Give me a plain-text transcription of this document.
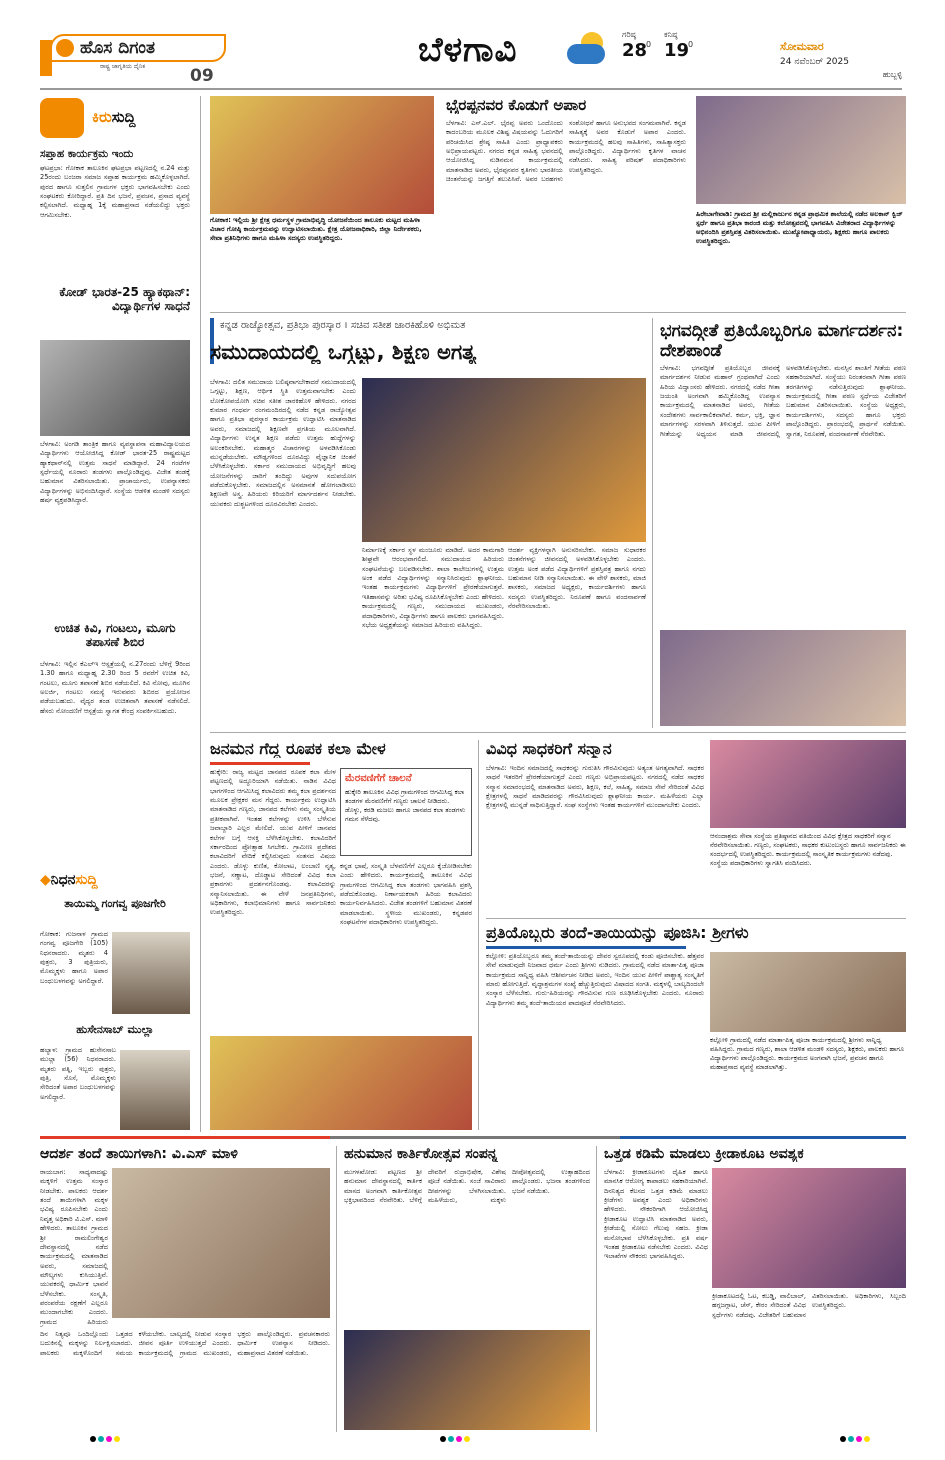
ಹೊಸ ದಿಗಂತ
ರಾಷ್ಟ್ರ ಜಾಗೃತಿಯ ದೈನಿಕ	09
ಬೆಳಗಾವಿ	ಗರಿಷ್ಠ
28
0
ಕನಿಷ್ಠ
19
0	ಸೋಮವಾರ
24 ನವೆಂಬರ್ 2025
ಹುಬ್ಬಳ್ಳಿ
ಕಿರುಸುದ್ದಿ
ಸಪ್ತಾಹ ಕಾರ್ಯಕ್ರಮ ಇಂದು
ಘಟಪ್ರಭಾ: ಗೋಕಾಕ ತಾಲೂಕಿನ ಘಟಪ್ರಭಾ ಪಟ್ಟಣದಲ್ಲಿ ನ.24 ಮತ್ತು 25ರಂದು ಬಂಜರಾ ಸಮಾಜ ಸಪ್ತಾಹ ಕಾರ್ಯಕ್ರಮ ಹಮ್ಮಿಕೊಳ್ಳಲಾಗಿದೆ. ಪುರದ ಹಾಗೂ ಸುತ್ತಲಿನ ಗ್ರಾಮಗಳ ಭಕ್ತರು ಭಾಗವಹಿಸಬೇಕು ಎಂದು ಸಂಘಟಕರು ಕೋರಿದ್ದಾರೆ. ಪ್ರತಿ ದಿನ ಭಜನೆ, ಪ್ರವಚನ, ಪ್ರಸಾದ ವ್ಯವಸ್ಥೆ ಕಲ್ಪಿಸಲಾಗಿದೆ. ಮಧ್ಯಾಹ್ನ 1ಕ್ಕೆ ಮಹಾಪ್ರಸಾದ ನಡೆಯಲಿದ್ದು ಭಕ್ತರು ಆಗಮಿಸಬೇಕು.
ಕೋಡ್ ಭಾರತ-25 ಹ್ಯಾಕಥಾನ್: ವಿದ್ಯಾರ್ಥಿಗಳ ಸಾಧನೆ
ಬೆಳಗಾವಿ: ಅಂಗಡಿ ತಾಂತ್ರಿಕ ಹಾಗೂ ವ್ಯವಸ್ಥಾಪನಾ ಮಹಾವಿದ್ಯಾಲಯದ ವಿದ್ಯಾರ್ಥಿಗಳು ಆಯೋಜಿಸಿದ್ದ ಕೋಡ್ ಭಾರತ-25 ರಾಷ್ಟ್ರಮಟ್ಟದ ಹ್ಯಾಕಥಾನ್‌ನಲ್ಲಿ ಉತ್ತಮ ಸಾಧನೆ ಮಾಡಿದ್ದಾರೆ. 24 ಗಂಟೆಗಳ ಸ್ಪರ್ಧೆಯಲ್ಲಿ ನೂರಾರು ತಂಡಗಳು ಪಾಲ್ಗೊಂಡಿದ್ದವು. ವಿಜೇತ ತಂಡಕ್ಕೆ ಬಹುಮಾನ ವಿತರಿಸಲಾಯಿತು. ಪ್ರಾಚಾರ್ಯರು, ಉಪನ್ಯಾಸಕರು ವಿದ್ಯಾರ್ಥಿಗಳನ್ನು ಅಭಿನಂದಿಸಿದ್ದಾರೆ. ಸಂಸ್ಥೆಯ ಆಡಳಿತ ಮಂಡಳಿ ಸದಸ್ಯರು ಹರ್ಷ ವ್ಯಕ್ತಪಡಿಸಿದ್ದಾರೆ.
ಉಚಿತ ಕಿವಿ, ಗಂಟಲು, ಮೂಗು ತಪಾಸಣೆ ಶಿಬಿರ
ಬೆಳಗಾವಿ: ಇಲ್ಲಿನ ಕೆಎಲ್‌ಇ ಆಸ್ಪತ್ರೆಯಲ್ಲಿ ನ.27ರಂದು ಬೆಳಿಗ್ಗೆ 9ರಿಂದ 1.30 ಹಾಗೂ ಮಧ್ಯಾಹ್ನ 2.30 ರಿಂದ 5 ರವರೆಗೆ ಉಚಿತ ಕಿವಿ, ಗಂಟಲು, ಮೂಗು ತಪಾಸಣೆ ಶಿಬಿರ ನಡೆಯಲಿದೆ. ಕಿವಿ ನೋವು, ಮೂಗಿನ ಅಲರ್ಜಿ, ಗಂಟಲು ಸಮಸ್ಯೆ ಇರುವವರು ಶಿಬಿರದ ಪ್ರಯೋಜನ ಪಡೆಯಬಹುದು. ವೈದ್ಯರ ತಂಡ ಉಚಿತವಾಗಿ ತಪಾಸಣೆ ನಡೆಸಲಿದೆ. ಹೆಸರು ನೋಂದಣಿಗೆ ಆಸ್ಪತ್ರೆಯ ಸ್ವಾಗತ ಕೇಂದ್ರ ಸಂಪರ್ಕಿಸಬಹುದು.
◆ನಿಧನಸುದ್ದಿ
ತಾಯಿಮ್ಮ ಗಂಗವ್ವ ಪೂಜಗೇರಿ
ಗೋಕಾಕ: ಗುಜನಾಳ ಗ್ರಾಮದ ಗಂಗವ್ವ ಪೂಜಗೇರಿ (105) ನಿಧನರಾದರು. ಮೃತರು 4 ಪುತ್ರರು, 3 ಪುತ್ರಿಯರು, ಮೊಮ್ಮಕ್ಕಳು ಹಾಗೂ ಅಪಾರ ಬಂಧುಬಳಗವನ್ನು ಅಗಲಿದ್ದಾರೆ.
ಹುಸೇನಸಾಬ್ ಮುಲ್ಲಾ
ಹಲ್ಯಾಳ: ಗ್ರಾಮದ ಹುಸೇನಸಾಬ ಮುಲ್ಲಾ (56) ನಿಧನರಾದರು. ಮೃತರು ಪತ್ನಿ, ಇಬ್ಬರು ಪುತ್ರರು, ಪುತ್ರಿ, ಸೊಸೆ, ಮೊಮ್ಮಕ್ಕಳು ಸೇರಿದಂತೆ ಅಪಾರ ಬಂಧುಬಳಗವನ್ನು ಅಗಲಿದ್ದಾರೆ.
ಗೋಕಾಕ: ಇಲ್ಲಿಯ ಶ್ರೀ ಕ್ಷೇತ್ರ ಧರ್ಮಸ್ಥಳ ಗ್ರಾಮಾಭಿವೃದ್ಧಿ ಯೋಜನೆಯಿಂದ ತಾಲೂಕು ಮಟ್ಟದ ಮಹಿಳಾ ವಿಚಾರ ಗೋಷ್ಠಿ ಕಾರ್ಯಕ್ರಮವನ್ನು ಉದ್ಘಾಟಿಸಲಾಯಿತು. ಕ್ಷೇತ್ರ ಯೋಜನಾಧಿಕಾರಿ, ಜಿಲ್ಲಾ ನಿರ್ದೇಶಕರು, ಸೇವಾ ಪ್ರತಿನಿಧಿಗಳು ಹಾಗೂ ಮಹಿಳಾ ಸದಸ್ಯರು ಉಪಸ್ಥಿತರಿದ್ದರು.
ಭೈರಪ್ಪನವರ ಕೊಡುಗೆ ಅಪಾರ
ಬೆಳಗಾವಿ: ಎಸ್.ಎಲ್. ಭೈರಪ್ಪ ಅವರು ಒಂದೊಂದು ಕಾದಂಬರಿಯ ಮೂಲಕ ವಿಶಿಷ್ಟ ವಿಷಯವನ್ನು ಓದುಗರಿಗೆ ಪರಿಚಯಿಸಿದ ಶ್ರೇಷ್ಠ ಸಾಹಿತಿ ಎಂದು ಪ್ರಾಧ್ಯಾಪಕರು ಅಭಿಪ್ರಾಯಪಟ್ಟರು. ನಗರದ ಕನ್ನಡ ಸಾಹಿತ್ಯ ಭವನದಲ್ಲಿ ಆಯೋಜಿಸಿದ್ದ ನುಡಿನಮನ ಕಾರ್ಯಕ್ರಮದಲ್ಲಿ ಮಾತನಾಡಿದ ಅವರು, ಭೈರಪ್ಪನವರ ಕೃತಿಗಳು ಭಾರತೀಯ ಚಿಂತನೆಯನ್ನು ಜಗತ್ತಿಗೆ ತಲುಪಿಸಿವೆ. ಅವರ ಬರಹಗಳು ಸಂಶೋಧನೆ ಹಾಗೂ ಅನುಭವದ ಸಂಗಮವಾಗಿವೆ. ಕನ್ನಡ ಸಾಹಿತ್ಯಕ್ಕೆ ಅವರ ಕೊಡುಗೆ ಅಪಾರ ಎಂದರು. ಕಾರ್ಯಕ್ರಮದಲ್ಲಿ ಹಲವು ಸಾಹಿತಿಗಳು, ಸಾಹಿತ್ಯಾಸಕ್ತರು ಪಾಲ್ಗೊಂಡಿದ್ದರು. ವಿದ್ಯಾರ್ಥಿಗಳು ಕೃತಿಗಳ ವಾಚನ ನಡೆಸಿದರು. ಸಾಹಿತ್ಯ ಪರಿಷತ್ ಪದಾಧಿಕಾರಿಗಳು ಉಪಸ್ಥಿತರಿದ್ದರು.
ಹಿರೇಬಾಗೇವಾಡಿ: ಗ್ರಾಮದ ಶ್ರೀ ಮಲ್ಲಿಕಾರ್ಜುನ ಕನ್ನಡ ಪ್ರಾಥಮಿಕ ಶಾಲೆಯಲ್ಲಿ ನಡೆದ ಅಲಕಾನ್ ಕ್ವಿಜ್ ಸ್ಪರ್ಧೆ ಹಾಗೂ ಪ್ರತಿಭಾ ಕಾರಂಜಿ ಮತ್ತು ಕಲೋತ್ಸವದಲ್ಲಿ ಭಾಗವಹಿಸಿ ವಿಜೇತರಾದ ವಿದ್ಯಾರ್ಥಿಗಳನ್ನು ಅಭಿನಂದಿಸಿ ಪ್ರಶಸ್ತಿಪತ್ರ ವಿತರಿಸಲಾಯಿತು. ಮುಖ್ಯೋಪಾಧ್ಯಾಯರು, ಶಿಕ್ಷಕರು ಹಾಗೂ ಪಾಲಕರು ಉಪಸ್ಥಿತರಿದ್ದರು.
ಕನ್ನಡ ರಾಜ್ಯೋತ್ಸವ, ಪ್ರತಿಭಾ ಪುರಸ್ಕಾರ । ಸಚಿವ ಸತೀಶ ಜಾರಕಿಹೊಳಿ ಅಭಿಮತ
ಸಮುದಾಯದಲ್ಲಿ ಒಗ್ಗಟ್ಟು, ಶಿಕ್ಷಣ ಅಗತ್ಯ
ಬೆಳಗಾವಿ: ದಲಿತ ಸಮುದಾಯ ಬಲಿಷ್ಠವಾಗಬೇಕಾದರೆ ಸಮುದಾಯದಲ್ಲಿ ಒಗ್ಗಟ್ಟು, ಶಿಕ್ಷಣ, ಆರ್ಥಿಕ ಸ್ಥಿತಿ ಉತ್ತಮವಾಗಬೇಕು ಎಂದು ಲೋಕೋಪಯೋಗಿ ಸಚಿವ ಸತೀಶ ಜಾರಕಿಹೊಳಿ ಹೇಳಿದರು. ನಗರದ ಕುಮಾರ ಗಂಧರ್ವ ರಂಗಮಂದಿರದಲ್ಲಿ ನಡೆದ ಕನ್ನಡ ರಾಜ್ಯೋತ್ಸವ ಹಾಗೂ ಪ್ರತಿಭಾ ಪುರಸ್ಕಾರ ಕಾರ್ಯಕ್ರಮ ಉದ್ಘಾಟಿಸಿ ಮಾತನಾಡಿದ ಅವರು, ಸಮಾಜದಲ್ಲಿ ಶಿಕ್ಷಣವೇ ಪ್ರಗತಿಯ ಮೂಲವಾಗಿದೆ. ವಿದ್ಯಾರ್ಥಿಗಳು ಉನ್ನತ ಶಿಕ್ಷಣ ಪಡೆದು ಉತ್ತಮ ಹುದ್ದೆಗಳನ್ನು ಅಲಂಕರಿಸಬೇಕು. ಮಹಾತ್ಮರ ವಿಚಾರಗಳನ್ನು ಅಳವಡಿಸಿಕೊಂಡು ಮುನ್ನಡೆಯಬೇಕು. ಮೌಢ್ಯಗಳಿಂದ ದೂರವಿದ್ದು ವೈಜ್ಞಾನಿಕ ಚಿಂತನೆ ಬೆಳೆಸಿಕೊಳ್ಳಬೇಕು. ಸರ್ಕಾರ ಸಮುದಾಯದ ಅಭಿವೃದ್ಧಿಗೆ ಹಲವು ಯೋಜನೆಗಳನ್ನು ಜಾರಿಗೆ ತಂದಿದ್ದು ಅವುಗಳ ಸದುಪಯೋಗ ಪಡೆದುಕೊಳ್ಳಬೇಕು. ಸಮಾಜದಲ್ಲಿನ ಅಸಮಾನತೆ ಹೋಗಲಾಡಿಸಲು ಶಿಕ್ಷಣವೇ ಅಸ್ತ್ರ. ಹಿರಿಯರು ಕಿರಿಯರಿಗೆ ಮಾರ್ಗದರ್ಶನ ನೀಡಬೇಕು. ಯುವಕರು ದುಶ್ಚಟಗಳಿಂದ ದೂರವಿರಬೇಕು ಎಂದರು.
ನಿರ್ಮಾಣಕ್ಕೆ ಸರ್ಕಾರ ಸ್ಥಳ ಮಂಜೂರು ಮಾಡಿದೆ. ಅದರ ಕಾಮಗಾರಿ ಶೀಘ್ರವೇ ಆರಂಭವಾಗಲಿದೆ. ಸಮುದಾಯದ ಹಿರಿಯರು ಸಂಘಟನೆಯನ್ನು ಬಲಪಡಿಸಬೇಕು. ಶಾಲಾ ಕಾಲೇಜುಗಳಲ್ಲಿ ಉತ್ತಮ ಅಂಕ ಪಡೆದ ವಿದ್ಯಾರ್ಥಿಗಳನ್ನು ಸನ್ಮಾನಿಸಿರುವುದು ಶ್ಲಾಘನೀಯ. ಇಂತಹ ಕಾರ್ಯಕ್ರಮಗಳು ವಿದ್ಯಾರ್ಥಿಗಳಿಗೆ ಪ್ರೇರಣೆಯಾಗುತ್ತವೆ. ಇತಿಹಾಸವನ್ನು ಅರಿತು ಭವಿಷ್ಯ ರೂಪಿಸಿಕೊಳ್ಳಬೇಕು ಎಂದು ಹೇಳಿದರು. ಕಾರ್ಯಕ್ರಮದಲ್ಲಿ ಗಣ್ಯರು, ಸಮುದಾಯದ ಮುಖಂಡರು, ಪದಾಧಿಕಾರಿಗಳು, ವಿದ್ಯಾರ್ಥಿಗಳು ಹಾಗೂ ಪಾಲಕರು ಭಾಗವಹಿಸಿದ್ದರು. ಸಭೆಯ ಅಧ್ಯಕ್ಷತೆಯನ್ನು ಸಮಾಜದ ಹಿರಿಯರು ವಹಿಸಿದ್ದರು.
ಆದರ್ಶ ವ್ಯಕ್ತಿಗಳನ್ನಾಗಿ ಅನುಸರಿಸಬೇಕು. ಸಮಾಜ ಸುಧಾರಕರ ಚಿಂತನೆಗಳನ್ನು ಜೀವನದಲ್ಲಿ ಅಳವಡಿಸಿಕೊಳ್ಳಬೇಕು ಎಂದರು. ಉತ್ತಮ ಅಂಕ ಪಡೆದ ವಿದ್ಯಾರ್ಥಿಗಳಿಗೆ ಪ್ರಶಸ್ತಿಪತ್ರ ಹಾಗೂ ನಗದು ಬಹುಮಾನ ನೀಡಿ ಸನ್ಮಾನಿಸಲಾಯಿತು. ಈ ವೇಳೆ ಶಾಸಕರು, ಮಾಜಿ ಶಾಸಕರು, ಸಮಾಜದ ಅಧ್ಯಕ್ಷರು, ಕಾರ್ಯದರ್ಶಿಗಳು ಹಾಗೂ ಸದಸ್ಯರು ಉಪಸ್ಥಿತರಿದ್ದರು. ನಿರೂಪಣೆ ಹಾಗೂ ವಂದನಾರ್ಪಣೆ ನೆರವೇರಿಸಲಾಯಿತು.
ಭಗವದ್ಗೀತೆ ಪ್ರತಿಯೊಬ್ಬರಿಗೂ ಮಾರ್ಗದರ್ಶನ: ದೇಶಪಾಂಡೆ
ಬೆಳಗಾವಿ: ಭಗವದ್ಗೀತೆ ಪ್ರತಿಯೊಬ್ಬರ ಜೀವನಕ್ಕೆ ಮಾರ್ಗದರ್ಶನ ನೀಡುವ ಮಹಾನ್ ಗ್ರಂಥವಾಗಿದೆ ಎಂದು ಹಿರಿಯ ವಿದ್ವಾಂಸರು ಹೇಳಿದರು. ನಗರದಲ್ಲಿ ನಡೆದ ಗೀತಾ ಜಯಂತಿ ಅಂಗವಾಗಿ ಹಮ್ಮಿಕೊಂಡಿದ್ದ ಉಪನ್ಯಾಸ ಕಾರ್ಯಕ್ರಮದಲ್ಲಿ ಮಾತನಾಡಿದ ಅವರು, ಗೀತೆಯ ಸಂದೇಶಗಳು ಸಾರ್ವಕಾಲಿಕವಾಗಿವೆ. ಕರ್ಮ, ಭಕ್ತಿ, ಜ್ಞಾನ ಮಾರ್ಗಗಳನ್ನು ಸರಳವಾಗಿ ತಿಳಿಸುತ್ತದೆ. ಯುವ ಪೀಳಿಗೆ ಗೀತೆಯನ್ನು ಅಧ್ಯಯನ ಮಾಡಿ ಜೀವನದಲ್ಲಿ ಅಳವಡಿಸಿಕೊಳ್ಳಬೇಕು. ಮನಸ್ಸಿನ ಶಾಂತಿಗೆ ಗೀತೆಯ ಪಠಣ ಸಹಕಾರಿಯಾಗಿದೆ. ಸಂಸ್ಥೆಯು ನಿರಂತರವಾಗಿ ಗೀತಾ ಪಠಣ ತರಗತಿಗಳನ್ನು ನಡೆಸುತ್ತಿರುವುದು ಶ್ಲಾಘನೀಯ. ಕಾರ್ಯಕ್ರಮದಲ್ಲಿ ಗೀತಾ ಪಠಣ ಸ್ಪರ್ಧೆಯ ವಿಜೇತರಿಗೆ ಬಹುಮಾನ ವಿತರಿಸಲಾಯಿತು. ಸಂಸ್ಥೆಯ ಅಧ್ಯಕ್ಷರು, ಕಾರ್ಯದರ್ಶಿಗಳು, ಸದಸ್ಯರು ಹಾಗೂ ಭಕ್ತರು ಪಾಲ್ಗೊಂಡಿದ್ದರು. ಪ್ರಾರಂಭದಲ್ಲಿ ಪ್ರಾರ್ಥನೆ ನಡೆಯಿತು. ಸ್ವಾಗತ, ನಿರೂಪಣೆ, ವಂದನಾರ್ಪಣೆ ನೆರವೇರಿತು.
ಜನಮನ ಗೆದ್ದ ರೂಪಕ ಕಲಾ ಮೇಳ
ಹುಕ್ಕೇರಿ: ರಾಜ್ಯ ಮಟ್ಟದ ಜಾನಪದ ರೂಪಕ ಕಲಾ ಮೇಳ ಪಟ್ಟಣದಲ್ಲಿ ಅದ್ಧೂರಿಯಾಗಿ ನಡೆಯಿತು. ನಾಡಿನ ವಿವಿಧ ಭಾಗಗಳಿಂದ ಆಗಮಿಸಿದ್ದ ಕಲಾವಿದರು ತಮ್ಮ ಕಲಾ ಪ್ರದರ್ಶನದ ಮೂಲಕ ಪ್ರೇಕ್ಷಕರ ಮನ ಗೆದ್ದರು. ಕಾರ್ಯಕ್ರಮ ಉದ್ಘಾಟಿಸಿ ಮಾತನಾಡಿದ ಗಣ್ಯರು, ಜಾನಪದ ಕಲೆಗಳು ನಮ್ಮ ಸಂಸ್ಕೃತಿಯ ಪ್ರತೀಕವಾಗಿವೆ. ಇಂತಹ ಕಲೆಗಳನ್ನು ಉಳಿಸಿ ಬೆಳೆಸುವ ಜವಾಬ್ದಾರಿ ಎಲ್ಲರ ಮೇಲಿದೆ. ಯುವ ಪೀಳಿಗೆ ಜಾನಪದ ಕಲೆಗಳ ಬಗ್ಗೆ ಆಸಕ್ತಿ ಬೆಳೆಸಿಕೊಳ್ಳಬೇಕು. ಕಲಾವಿದರಿಗೆ ಸರ್ಕಾರದಿಂದ ಪ್ರೋತ್ಸಾಹ ಸಿಗಬೇಕು. ಗ್ರಾಮೀಣ ಪ್ರದೇಶದ ಕಲಾವಿದರಿಗೆ ವೇದಿಕೆ ಕಲ್ಪಿಸಿರುವುದು ಸಂತಸದ ವಿಷಯ ಎಂದರು. ಡೊಳ್ಳು ಕುಣಿತ, ಕೋಲಾಟ, ಲಂಬಾಣಿ ನೃತ್ಯ, ಭಜನೆ, ಸಣ್ಣಾಟ, ದೊಡ್ಡಾಟ ಸೇರಿದಂತೆ ವಿವಿಧ ಕಲಾ ಪ್ರಕಾರಗಳು ಪ್ರದರ್ಶನಗೊಂಡವು. ಕಲಾವಿದರನ್ನು ಸನ್ಮಾನಿಸಲಾಯಿತು. ಈ ವೇಳೆ ಜನಪ್ರತಿನಿಧಿಗಳು, ಅಧಿಕಾರಿಗಳು, ಕಲಾಭಿಮಾನಿಗಳು ಹಾಗೂ ಸಾರ್ವಜನಿಕರು ಉಪಸ್ಥಿತರಿದ್ದರು.
ಮೆರವಣಿಗೆಗೆ ಚಾಲನೆ
ಹುಕ್ಕೇರಿ ತಾಲೂಕಿನ ವಿವಿಧ ಗ್ರಾಮಗಳಿಂದ ಆಗಮಿಸಿದ್ದ ಕಲಾ ತಂಡಗಳ ಮೆರವಣಿಗೆಗೆ ಗಣ್ಯರು ಚಾಲನೆ ನೀಡಿದರು. ಡೊಳ್ಳು, ಕರಡಿ ಮಜಲು ಹಾಗೂ ಜಾನಪದ ಕಲಾ ತಂಡಗಳು ಗಮನ ಸೆಳೆದವು.
ಕನ್ನಡ ಭಾಷೆ, ಸಂಸ್ಕೃತಿ ಬೆಳವಣಿಗೆಗೆ ಎಲ್ಲರೂ ಕೈಜೋಡಿಸಬೇಕು ಎಂದು ಹೇಳಿದರು. ಕಾರ್ಯಕ್ರಮದಲ್ಲಿ ತಾಲೂಕಿನ ವಿವಿಧ ಗ್ರಾಮಗಳಿಂದ ಆಗಮಿಸಿದ್ದ ಕಲಾ ತಂಡಗಳು ಭಾಗವಹಿಸಿ ಪ್ರಶಸ್ತಿ ಪಡೆದುಕೊಂಡವು. ನಿರ್ಣಾಯಕರಾಗಿ ಹಿರಿಯ ಕಲಾವಿದರು ಕಾರ್ಯನಿರ್ವಹಿಸಿದರು. ವಿಜೇತ ತಂಡಗಳಿಗೆ ಬಹುಮಾನ ವಿತರಣೆ ಮಾಡಲಾಯಿತು. ಸ್ಥಳೀಯ ಮುಖಂಡರು, ಕನ್ನಡಪರ ಸಂಘಟನೆಗಳ ಪದಾಧಿಕಾರಿಗಳು ಉಪಸ್ಥಿತರಿದ್ದರು.
ವಿವಿಧ ಸಾಧಕರಿಗೆ ಸನ್ಮಾನ
ಬೆಳಗಾವಿ: ಇಂದಿನ ಸಮಾಜದಲ್ಲಿ ಸಾಧಕರನ್ನು ಗುರುತಿಸಿ ಗೌರವಿಸುವುದು ಅತ್ಯಂತ ಅಗತ್ಯವಾಗಿದೆ. ಸಾಧಕರ ಸಾಧನೆ ಇತರರಿಗೆ ಪ್ರೇರಣೆಯಾಗುತ್ತದೆ ಎಂದು ಗಣ್ಯರು ಅಭಿಪ್ರಾಯಪಟ್ಟರು. ನಗರದಲ್ಲಿ ನಡೆದ ಸಾಧಕರ ಸನ್ಮಾನ ಸಮಾರಂಭದಲ್ಲಿ ಮಾತನಾಡಿದ ಅವರು, ಶಿಕ್ಷಣ, ಕಲೆ, ಸಾಹಿತ್ಯ, ಸಮಾಜ ಸೇವೆ ಸೇರಿದಂತೆ ವಿವಿಧ ಕ್ಷೇತ್ರಗಳಲ್ಲಿ ಸಾಧನೆ ಮಾಡಿದವರನ್ನು ಗೌರವಿಸಿರುವುದು ಶ್ಲಾಘನೀಯ ಕಾರ್ಯ. ಮಹಿಳೆಯರು ಎಲ್ಲಾ ಕ್ಷೇತ್ರಗಳಲ್ಲಿ ಮುನ್ನಡೆ ಸಾಧಿಸುತ್ತಿದ್ದಾರೆ. ಸಂಘ ಸಂಸ್ಥೆಗಳು ಇಂತಹ ಕಾರ್ಯಗಳಿಗೆ ಮುಂದಾಗಬೇಕು ಎಂದರು.
ಆನಂದಾಶ್ರಮ ಸೇವಾ ಸಂಸ್ಥೆಯ ಪ್ರತಿಷ್ಠಾನದ ವತಿಯಿಂದ ವಿವಿಧ ಕ್ಷೇತ್ರದ ಸಾಧಕರಿಗೆ ಸನ್ಮಾನ ನೆರವೇರಿಸಲಾಯಿತು. ಗಣ್ಯರು, ಸಂಘಟಕರು, ಸಾಧಕರ ಕುಟುಂಬಸ್ಥರು ಹಾಗೂ ಸಾರ್ವಜನಿಕರು ಈ ಸಂದರ್ಭದಲ್ಲಿ ಉಪಸ್ಥಿತರಿದ್ದರು. ಕಾರ್ಯಕ್ರಮದಲ್ಲಿ ಸಾಂಸ್ಕೃತಿಕ ಕಾರ್ಯಕ್ರಮಗಳು ನಡೆದವು. ಸಂಸ್ಥೆಯ ಪದಾಧಿಕಾರಿಗಳು ಸ್ವಾಗತಿಸಿ ವಂದಿಸಿದರು.
ಪ್ರತಿಯೊಬ್ಬರು ತಂದೆ-ತಾಯಿಯನ್ನು ಪೂಜಿಸಿ: ಶ್ರೀಗಳು
ಕಲ್ಲೋಳಿ: ಪ್ರತಿಯೊಬ್ಬರೂ ತಮ್ಮ ತಂದೆ-ತಾಯಿಯನ್ನು ದೇವರ ಸ್ವರೂಪದಲ್ಲಿ ಕಂಡು ಪೂಜಿಸಬೇಕು. ಹೆತ್ತವರ ಸೇವೆ ಮಾಡುವುದೇ ನಿಜವಾದ ಧರ್ಮ ಎಂದು ಶ್ರೀಗಳು ನುಡಿದರು. ಗ್ರಾಮದಲ್ಲಿ ನಡೆದ ಮಾತಾ-ಪಿತೃ ಪೂಜಾ ಕಾರ್ಯಕ್ರಮದ ಸಾನ್ನಿಧ್ಯ ವಹಿಸಿ ಆಶೀರ್ವಚನ ನೀಡಿದ ಅವರು, ಇಂದಿನ ಯುವ ಪೀಳಿಗೆ ಪಾಶ್ಚಾತ್ಯ ಸಂಸ್ಕೃತಿಗೆ ಮಾರು ಹೋಗುತ್ತಿದೆ. ವೃದ್ಧಾಶ್ರಮಗಳ ಸಂಖ್ಯೆ ಹೆಚ್ಚುತ್ತಿರುವುದು ವಿಷಾದದ ಸಂಗತಿ. ಮಕ್ಕಳಲ್ಲಿ ಬಾಲ್ಯದಿಂದಲೇ ಸಂಸ್ಕಾರ ಬೆಳೆಸಬೇಕು. ಗುರು-ಹಿರಿಯರನ್ನು ಗೌರವಿಸುವ ಗುಣ ರೂಢಿಸಿಕೊಳ್ಳಬೇಕು ಎಂದರು. ನೂರಾರು ವಿದ್ಯಾರ್ಥಿಗಳು ತಮ್ಮ ತಂದೆ-ತಾಯಿಯರ ಪಾದಪೂಜೆ ನೆರವೇರಿಸಿದರು.
ಕಲ್ಲೋಳಿ ಗ್ರಾಮದಲ್ಲಿ ನಡೆದ ಮಾತಾ-ಪಿತೃ ಪೂಜಾ ಕಾರ್ಯಕ್ರಮದಲ್ಲಿ ಶ್ರೀಗಳು ಸಾನ್ನಿಧ್ಯ ವಹಿಸಿದ್ದರು. ಗ್ರಾಮದ ಗಣ್ಯರು, ಶಾಲಾ ಆಡಳಿತ ಮಂಡಳಿ ಸದಸ್ಯರು, ಶಿಕ್ಷಕರು, ಪಾಲಕರು ಹಾಗೂ ವಿದ್ಯಾರ್ಥಿಗಳು ಪಾಲ್ಗೊಂಡಿದ್ದರು. ಕಾರ್ಯಕ್ರಮದ ಅಂಗವಾಗಿ ಭಜನೆ, ಪ್ರವಚನ ಹಾಗೂ ಮಹಾಪ್ರಸಾದ ವ್ಯವಸ್ಥೆ ಮಾಡಲಾಗಿತ್ತು.
ಆದರ್ಶ ತಂದೆ ತಾಯಿಗಳಾಗಿ: ವಿ.ಎಸ್ ಮಾಳಿ
ರಾಯಬಾಗ: ಸಾಧ್ಯವಾದಷ್ಟು ಮಕ್ಕಳಿಗೆ ಉತ್ತಮ ಸಂಸ್ಕಾರ ನೀಡಬೇಕು. ಪಾಲಕರು ಆದರ್ಶ ತಂದೆ ತಾಯಿಗಳಾಗಿ ಮಕ್ಕಳ ಭವಿಷ್ಯ ರೂಪಿಸಬೇಕು ಎಂದು ನಿವೃತ್ತ ಅಧಿಕಾರಿ ವಿ.ಎಸ್. ಮಾಳಿ ಹೇಳಿದರು. ತಾಲೂಕಿನ ಗ್ರಾಮದ ಶ್ರೀ ರಾಮಲಿಂಗೇಶ್ವರ ದೇವಸ್ಥಾನದಲ್ಲಿ ನಡೆದ ಕಾರ್ಯಕ್ರಮದಲ್ಲಿ ಮಾತನಾಡಿದ ಅವರು, ಸಮಾಜದಲ್ಲಿ ಮೌಲ್ಯಗಳು ಕುಸಿಯುತ್ತಿವೆ. ಯುವಕರಲ್ಲಿ ಧಾರ್ಮಿಕ ಭಾವನೆ ಬೆಳೆಸಬೇಕು. ಸಂಸ್ಕೃತಿ, ಪರಂಪರೆಯ ರಕ್ಷಣೆಗೆ ಎಲ್ಲರೂ ಮುಂದಾಗಬೇಕು ಎಂದರು. ಗ್ರಾಮದ ಹಿರಿಯರು
ದಿನ ನಿತ್ಯವೂ ಒಂದಿಲ್ಲೊಂದು ಒತ್ತಡದ ಬದುಕಿನಲ್ಲಿ ಮಕ್ಕಳನ್ನು ನಿರ್ಲಕ್ಷಿಸಬಾರದು. ಪಾಲಕರು ಮಕ್ಕಳೊಂದಿಗೆ ಸಮಯ ಕಳೆಯಬೇಕು. ಬಾಲ್ಯದಲ್ಲಿ ನೀಡುವ ಸಂಸ್ಕಾರ ಜೀವನ ಪೂರ್ತಿ ಉಳಿಯುತ್ತದೆ ಎಂದರು. ಕಾರ್ಯಕ್ರಮದಲ್ಲಿ ಗ್ರಾಮದ ಮುಖಂಡರು, ಭಕ್ತರು ಪಾಲ್ಗೊಂಡಿದ್ದರು. ಪ್ರವಚನಕಾರರು ಧಾರ್ಮಿಕ ಉಪನ್ಯಾಸ ನೀಡಿದರು. ಮಹಾಪ್ರಸಾದ ವಿತರಣೆ ನಡೆಯಿತು.
ಹನುಮಾನ ಕಾರ್ತಿಕೋತ್ಸವ ಸಂಪನ್ನ
ಮುಗಳಖೋಡ: ಪಟ್ಟಣದ ಶ್ರೀ ಹನುಮಾನ ದೇವಸ್ಥಾನದಲ್ಲಿ ಕಾರ್ತಿಕ ಮಾಸದ ಅಂಗವಾಗಿ ಕಾರ್ತಿಕೋತ್ಸವ ಭಕ್ತಿಭಾವದಿಂದ ನೆರವೇರಿತು. ಬೆಳಿಗ್ಗೆ ದೇವರಿಗೆ ರುದ್ರಾಭಿಷೇಕ, ವಿಶೇಷ ಪೂಜೆ ನಡೆಯಿತು. ಸಂಜೆ ಸಾವಿರಾರು ದೀಪಗಳನ್ನು ಬೆಳಗಿಸಲಾಯಿತು. ಮಹಿಳೆಯರು, ಮಕ್ಕಳು ದೀಪೋತ್ಸವದಲ್ಲಿ ಉತ್ಸಾಹದಿಂದ ಪಾಲ್ಗೊಂಡರು. ಭಜನಾ ತಂಡಗಳಿಂದ ಭಜನೆ ನಡೆಯಿತು.
ಒತ್ತಡ ಕಡಿಮೆ ಮಾಡಲು ಕ್ರೀಡಾಕೂಟ ಅವಶ್ಯಕ
ಬೆಳಗಾವಿ: ಕ್ರೀಡಾಕೂಟಗಳು ದೈಹಿಕ ಹಾಗೂ ಮಾನಸಿಕ ಆರೋಗ್ಯ ಕಾಪಾಡಲು ಸಹಕಾರಿಯಾಗಿವೆ. ದಿನನಿತ್ಯದ ಕೆಲಸದ ಒತ್ತಡ ಕಡಿಮೆ ಮಾಡಲು ಕ್ರೀಡೆಗಳು ಅವಶ್ಯಕ ಎಂದು ಅಧಿಕಾರಿಗಳು ಹೇಳಿದರು. ನೌಕರರಿಗಾಗಿ ಆಯೋಜಿಸಿದ್ದ ಕ್ರೀಡಾಕೂಟ ಉದ್ಘಾಟಿಸಿ ಮಾತನಾಡಿದ ಅವರು, ಕ್ರೀಡೆಯಲ್ಲಿ ಸೋಲು ಗೆಲುವು ಸಹಜ. ಕ್ರೀಡಾ ಮನೋಭಾವ ಬೆಳೆಸಿಕೊಳ್ಳಬೇಕು. ಪ್ರತಿ ವರ್ಷ ಇಂತಹ ಕ್ರೀಡಾಕೂಟ ನಡೆಸಬೇಕು ಎಂದರು. ವಿವಿಧ ಇಲಾಖೆಗಳ ನೌಕರರು ಭಾಗವಹಿಸಿದ್ದರು.
ಕ್ರೀಡಾಕೂಟದಲ್ಲಿ ಓಟ, ಕಬಡ್ಡಿ, ವಾಲಿಬಾಲ್, ಹಗ್ಗಜಗ್ಗಾಟ, ಚೆಸ್, ಕೇರಂ ಸೇರಿದಂತೆ ವಿವಿಧ ಸ್ಪರ್ಧೆಗಳು ನಡೆದವು. ವಿಜೇತರಿಗೆ ಬಹುಮಾನ ವಿತರಿಸಲಾಯಿತು. ಅಧಿಕಾರಿಗಳು, ಸಿಬ್ಬಂದಿ ಉಪಸ್ಥಿತರಿದ್ದರು.
